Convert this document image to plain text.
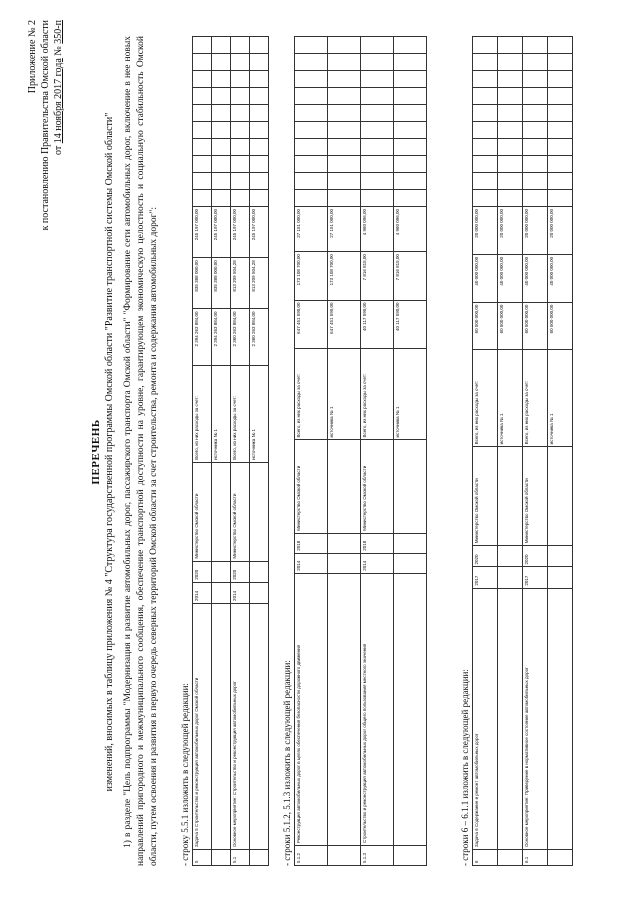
Приложение № 2 к постановлению Правительства Омской области от 14 ноября 2017 года № 350-п
ПЕРЕЧЕНЬ изменений, вносимых в таблицу приложения № 4 "Структура государственной программы Омской области "Развитие транспортной системы Омской области" 1) в разделе "Цель подпрограммы "Модернизация и развитие автомобильных дорог, пассажирского транспорта Омской области" "Формирование сети автомобильных дорог, включение в нее новых направлений пригородного и межмуниципального сообщения, обеспечение транспортной доступности на уровне, гарантирующем экономическую целостность и социальную стабильность Омской области, путем освоения и развития в первую очередь северных территорий Омской области за счет строительства, ремонта и содержания автомобильных дорог": - строку 5.5.1 изложить в следующей редакции: 5	Задача 5 Строительство и реконструкция автомобильных дорог Омской области	2014	2020	Министерство Омской области	Всего, из них расходы за счет:	2 394 263 884,00	835 388 000,00	245 197 000,00										
					источника № 1	2 394 263 884,00	835 388 000,00	245 197 000,00										
5.1	Основное мероприятие: Строительство и реконструкция автомобильных дорог	2014	2020	Министерство Омской области	Всего, из них расходы за счет:	2 360 263 884,00	813 209 504,28	245 197 000,00										
					источника № 1	2 360 263 884,00	813 209 504,28	245 197 000,00										
- строки 5.1.2, 5.1.3 изложить в следующей редакции: 5.1.2	Реконструкция автомобильных дорог в целях обеспечения безопасности дорожного движения	2014	2018	Министерство Омской области	Всего, из них расходы за счет:	647 451 590,00	173 108 700,00	27 151 000,00										
					источника № 1	647 451 590,00	173 108 700,00	27 151 000,00										
5.1.3	Строительство и реконструкция автомобильных дорог общего пользования местного значения	2014	2018	Министерство Омской области	Всего, из них расходы за счет:	40 117 590,00	7 816 815,00	4 960 096,00										
					источника № 1	40 117 590,00	7 816 815,00	4 960 096,00										
- строки 6 – 6.1.1 изложить в следующей редакции: 6	Задача 6 Содержание и ремонт автомобильных дорог	2017	2020	Министерство Омской области	Всего, из них расходы за счет:	60 500 000,00	40 000 000,00	20 000 000,00										
					источника № 1	60 500 000,00	40 000 000,00	20 000 000,00										
6.1	Основное мероприятие: Приведение в нормативное состояние автомобильных дорог	2017	2020	Министерство Омской области	Всего, из них расходы за счет:	60 500 000,00	40 000 000,00	20 000 000,00										
					источника № 1	60 500 000,00	40 000 000,00	20 000 000,00										
